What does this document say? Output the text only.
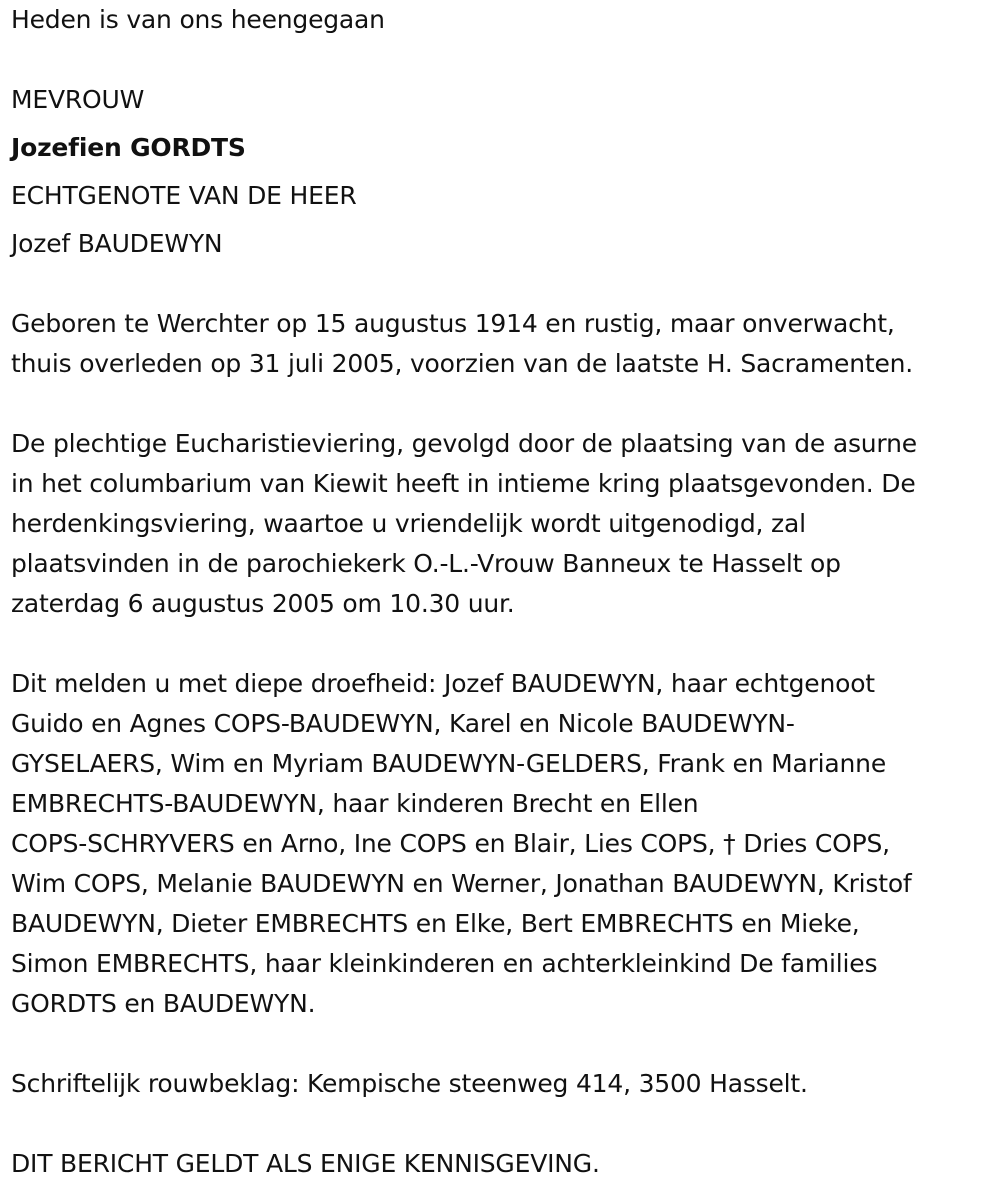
Heden is van ons heengegaan
MEVROUW
Jozefien GORDTS
ECHTGENOTE VAN DE HEER
Jozef BAUDEWYN

Geboren te Werchter op 15 augustus 1914 en rustig, maar onverwacht,

thuis overleden op 31 juli 2005, voorzien van de laatste H. Sacramenten.

De plechtige Eucharistieviering, gevolgd door de plaatsing van de asurne

in het columbarium van Kiewit heeft in intieme kring plaatsgevonden. De

herdenkingsviering, waartoe u vriendelijk wordt uitgenodigd, zal

plaatsvinden in de parochiekerk O.-L.-Vrouw Banneux te Hasselt op

zaterdag 6 augustus 2005 om 10.30 uur.

Dit melden u met diepe droefheid: Jozef BAUDEWYN, haar echtgenoot

Guido en Agnes COPS-BAUDEWYN, Karel en Nicole BAUDEWYN-

GYSELAERS, Wim en Myriam BAUDEWYN-GELDERS, Frank en Marianne

EMBRECHTS-BAUDEWYN, haar kinderen Brecht en Ellen

COPS-SCHRYVERS en Arno, Ine COPS en Blair, Lies COPS, † Dries COPS,

Wim COPS, Melanie BAUDEWYN en Werner, Jonathan BAUDEWYN, Kristof

BAUDEWYN, Dieter EMBRECHTS en Elke, Bert EMBRECHTS en Mieke,

Simon EMBRECHTS, haar kleinkinderen en achterkleinkind De families

GORDTS en BAUDEWYN.

Schriftelijk rouwbeklag: Kempische steenweg 414, 3500 Hasselt.
DIT BERICHT GELDT ALS ENIGE KENNISGEVING.
